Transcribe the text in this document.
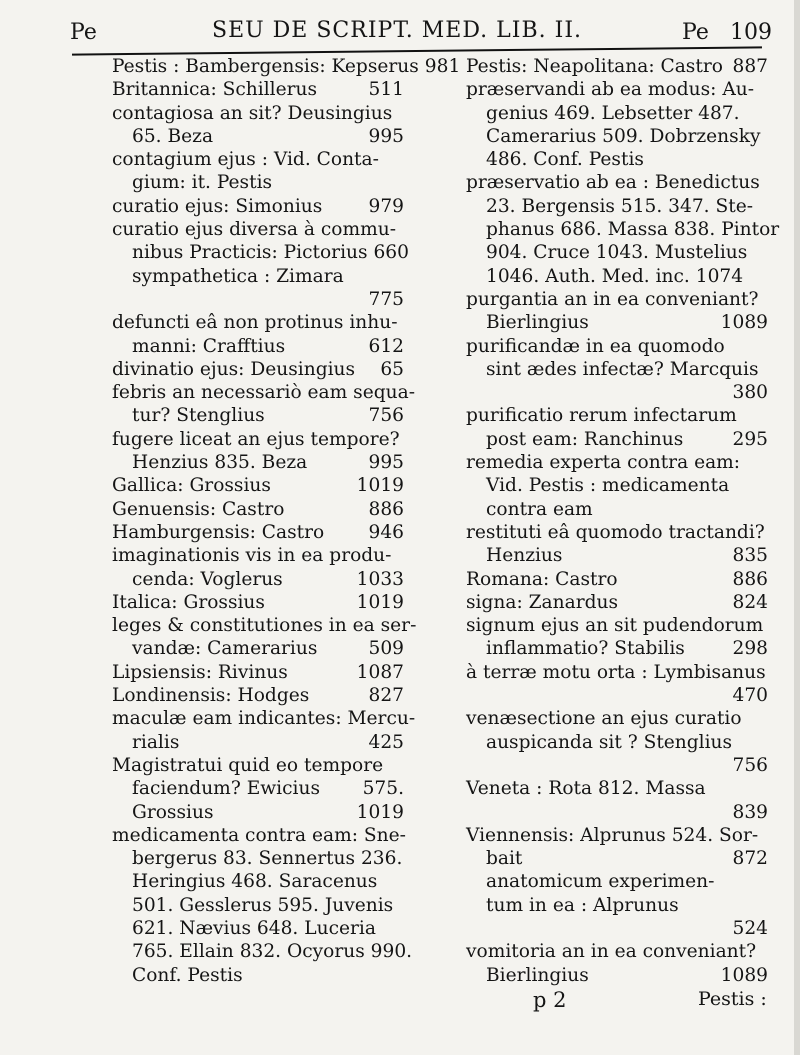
Pe	SEU DE SCRIPT. MED. LIB. II.	Pe 109
Pestis : Bambergensis: Kepserus 981
Britannica: Schillerus	511
contagiosa an sit? Deusingius
65. Beza	995
contagium ejus : Vid. Conta-
gium: it. Pestis
curatio ejus: Simonius 979
curatio ejus diversa à commu-
nibus Practicis: Pictorius 660
sympathetica : Zimara
775
defuncti eâ non protinus inhu-
manni: Crafftius	612
divinatio ejus: Deusingius 65
febris an necessariò eam sequa-
tur? Stenglius	756
fugere liceat an ejus tempore?
Henzius 835. Beza	995
Gallica: Grossius	1019
Genuensis: Castro	886
Hamburgensis: Castro 946
imaginationis vis in ea produ-
cenda: Voglerus	1033
Italica: Grossius	1019
leges & constitutiones in ea ser-
vandæ: Camerarius	509
Lipsiensis: Rivinus	1087
Londinensis: Hodges	827
maculæ eam indicantes: Mercu-
rialis	425
Magistratui quid eo tempore
faciendum? Ewicius 575.
Grossius	1019
medicamenta contra eam: Sne-
bergerus 83. Sennertus 236.
Heringius 468. Saracenus
501. Gesslerus 595. Juvenis
621. Nævius 648. Luceria
765. Ellain 832. Ocyorus 990.
Conf. Pestis
Pestis: Neapolitana: Castro 887
præservandi ab ea modus: Au-
genius 469. Lebsetter 487.
Camerarius 509. Dobrzensky
486. Conf. Pestis
præservatio ab ea : Benedictus
23. Bergensis 515. 347. Ste-
phanus 686. Massa 838. Pintor
904. Cruce 1043. Mustelius
1046. Auth. Med. inc. 1074
purgantia an in ea conveniant?
Bierlingius	1089
purificandæ in ea quomodo
sint ædes infectæ? Marcquis
380
purificatio rerum infectarum
post eam: Ranchinus	295
remedia experta contra eam:
Vid. Pestis : medicamenta
contra eam
restituti eâ quomodo tractandi?
Henzius	835
Romana: Castro	886
signa: Zanardus	824
signum ejus an sit pudendorum
inflammatio? Stabilis	298
à terræ motu orta : Lymbisanus
470
venæsectione an ejus curatio
auspicanda sit ? Stenglius
756
Veneta : Rota 812. Massa
839
Viennensis: Alprunus 524. Sor-
bait	872
anatomicum experimen-
tum in ea : Alprunus
524
vomitoria an in ea conveniant?
Bierlingius	1089
p 2	Pestis :
